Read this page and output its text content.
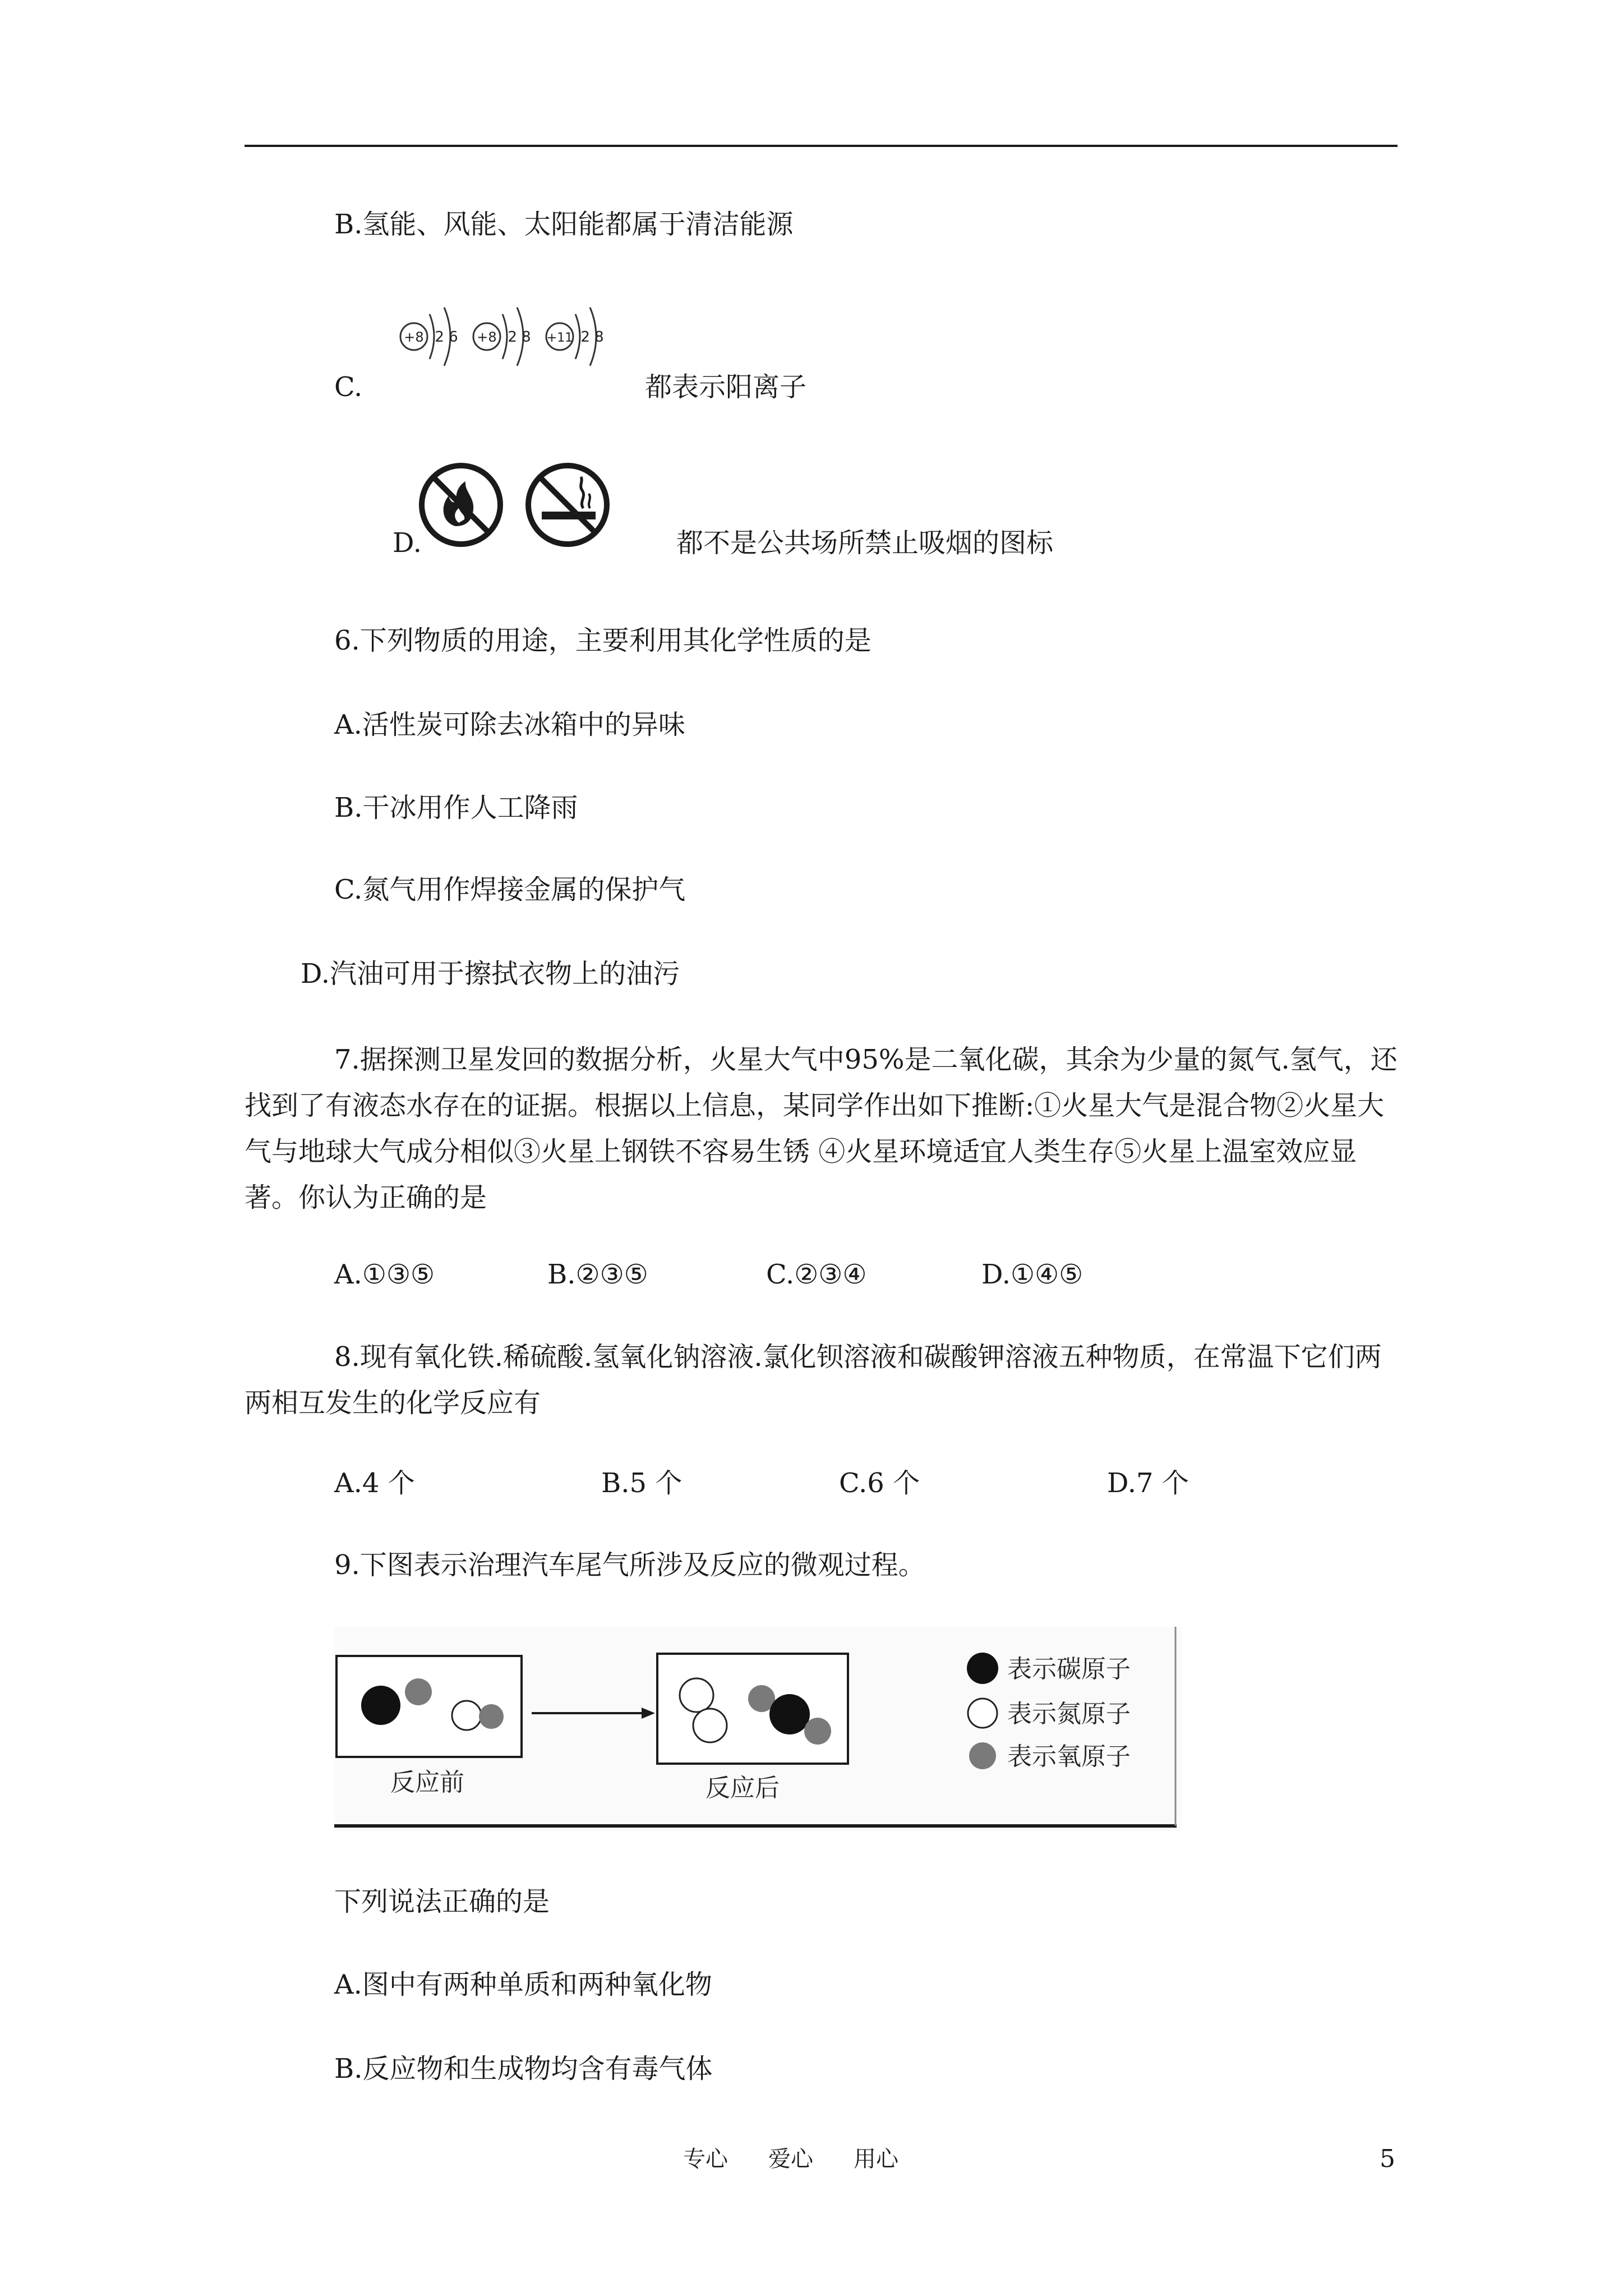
B.氢能、风能、太阳能都属于清洁能源
C.
+8 2 6 +8 2 8 +11 2 8
都表示阳离子
D.	都不是公共场所禁止吸烟的图标
6.下列物质的用途，主要利用其化学性质的是
A.活性炭可除去冰箱中的异味
B.干冰用作人工降雨
C.氮气用作焊接金属的保护气
D.汽油可用于擦拭衣物上的油污
7.据探测卫星发回的数据分析，火星大气中95%是二氧化碳，其余为少量的氮气.氢气，还找到了有液态水存在的证据。根据以上信息，某同学作出如下推断:①火星大气是混合物②火星大气与地球大气成分相似③火星上钢铁不容易生锈 ④火星环境适宜人类生存⑤火星上温室效应显著。你认为正确的是
A.①③⑤	B.②③⑤	C.②③④	D.①④⑤
8.现有氧化铁.稀硫酸.氢氧化钠溶液.氯化钡溶液和碳酸钾溶液五种物质，在常温下它们两两相互发生的化学反应有
A.4 个	B.5 个	C.6 个	D.7 个
9.下图表示治理汽车尾气所涉及反应的微观过程。
反应前	反应后
表示碳原子
表示氮原子
表示氧原子
下列说法正确的是
A.图中有两种单质和两种氧化物
B.反应物和生成物均含有毒气体
专心 爱心 用心	5
